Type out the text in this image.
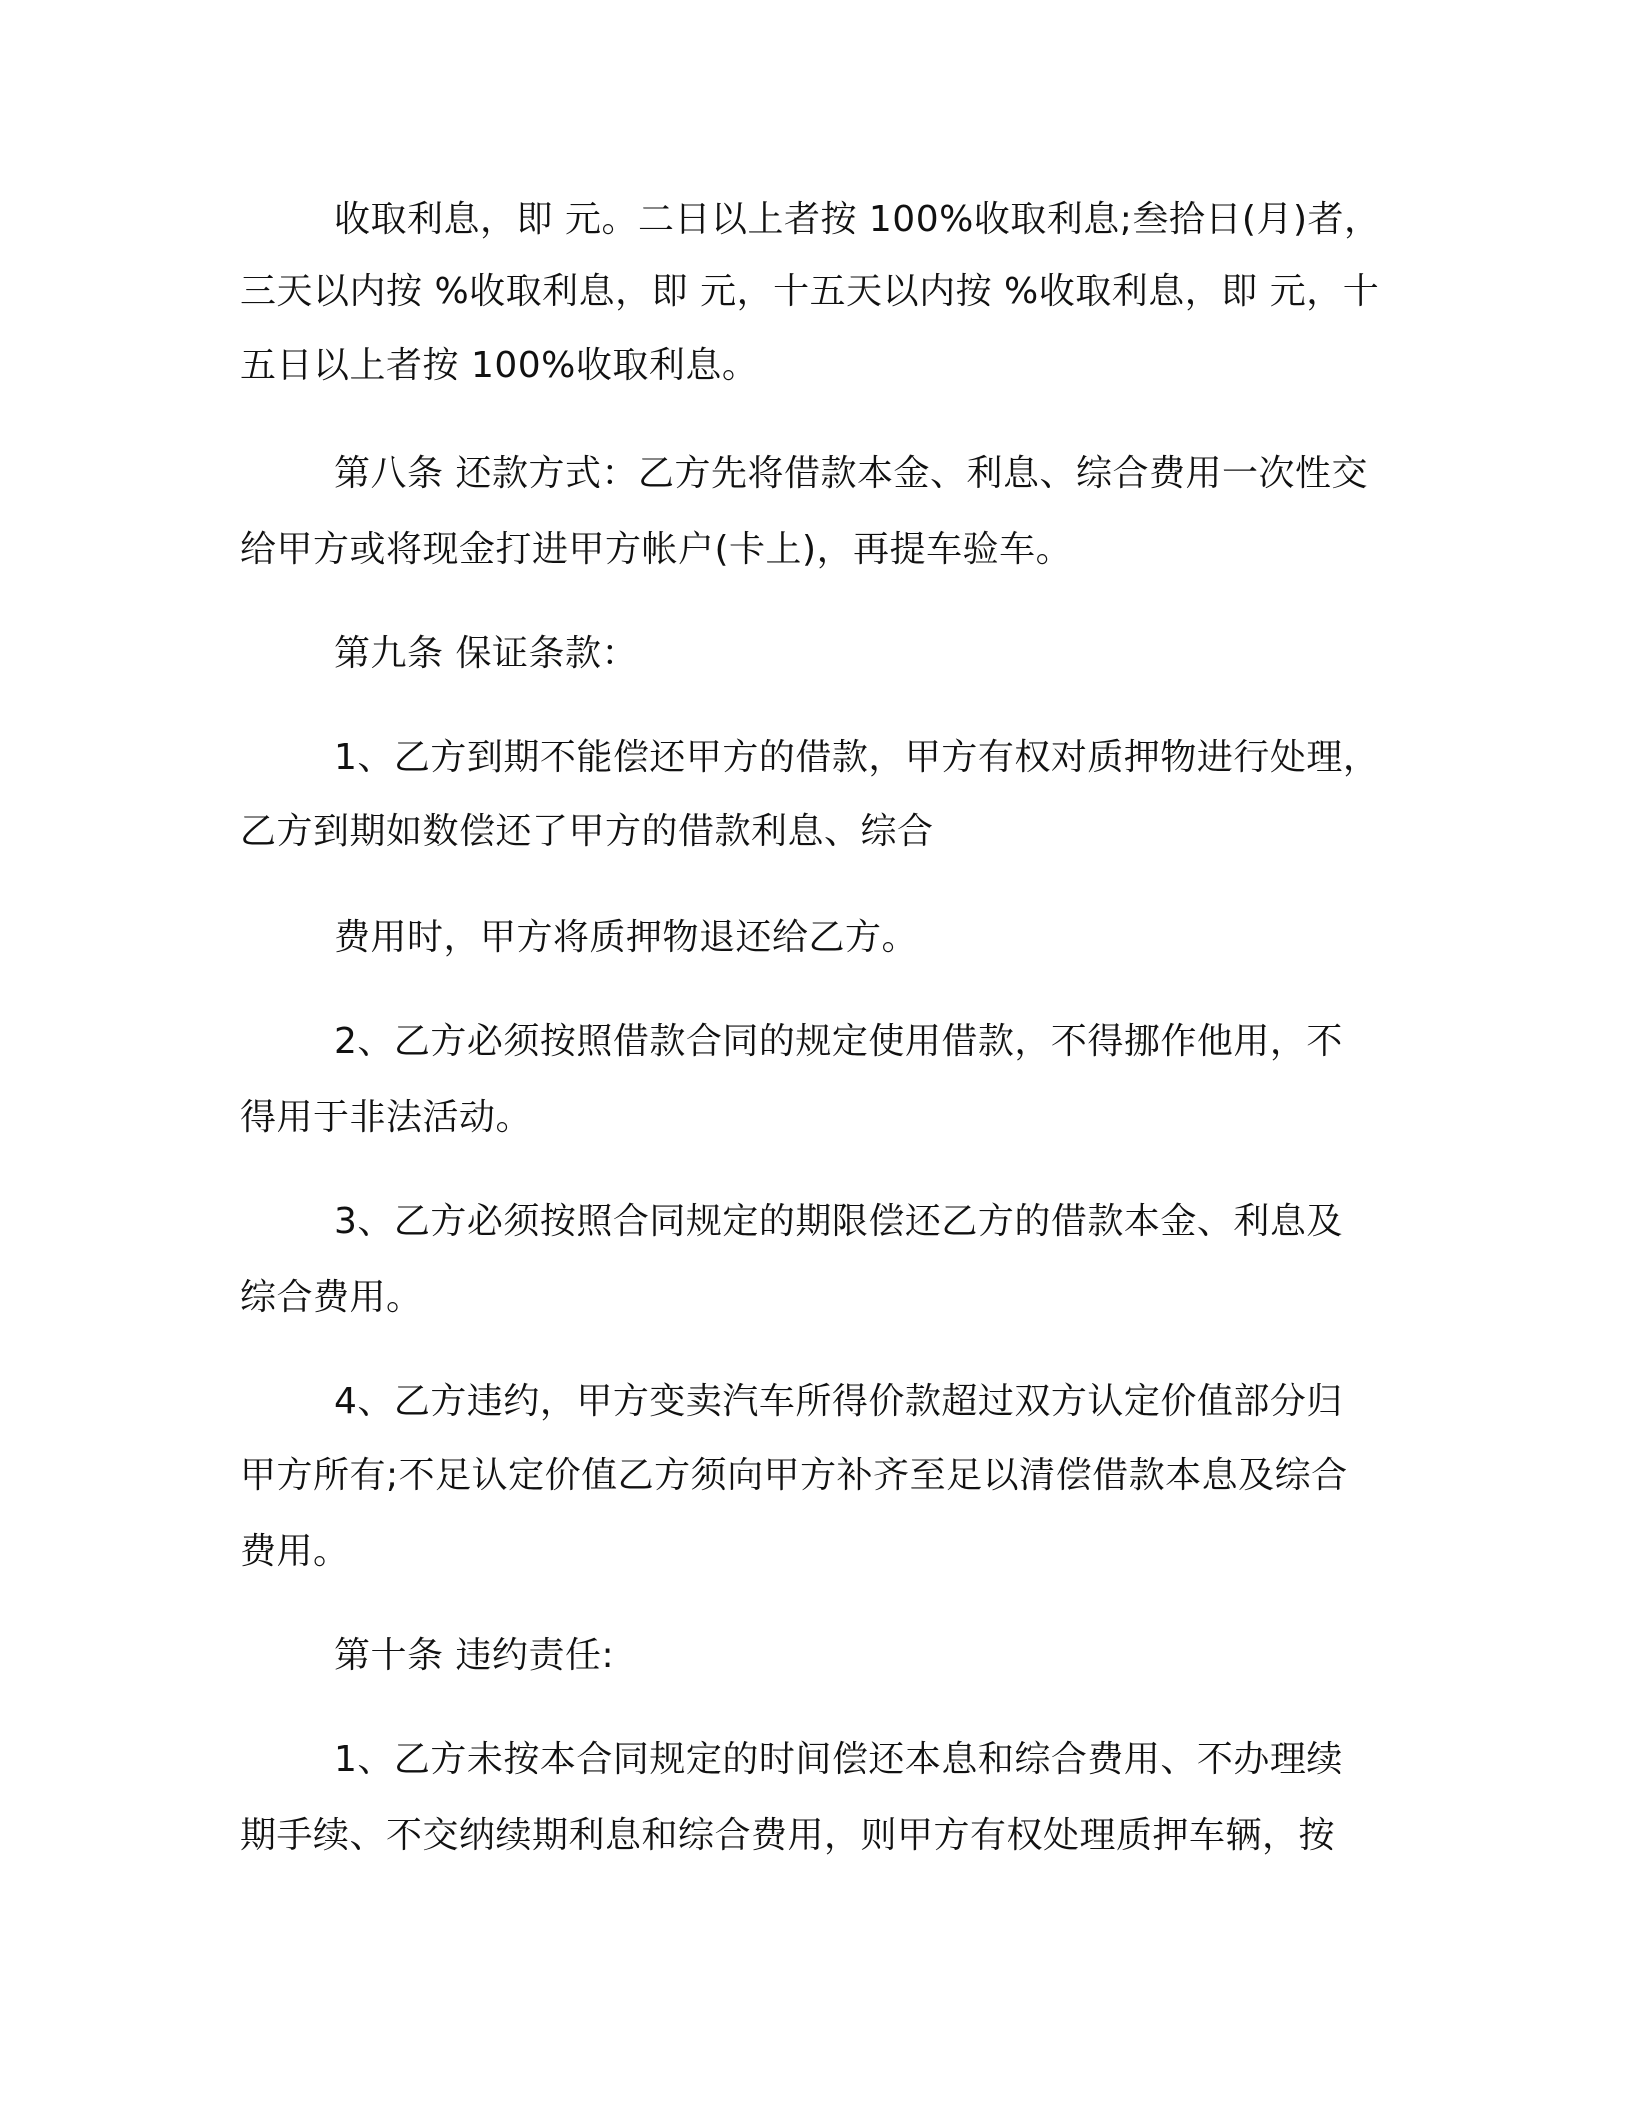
收取利息，即 元。二日以上者按 100%收取利息;叁拾日(月)者，
三天以内按 %收取利息，即 元，十五天以内按 %收取利息，即 元，十
五日以上者按 100%收取利息。
第八条 还款方式：乙方先将借款本金、利息、综合费用一次性交
给甲方或将现金打进甲方帐户(卡上)，再提车验车。
第九条 保证条款：
1、乙方到期不能偿还甲方的借款，甲方有权对质押物进行处理，
乙方到期如数偿还了甲方的借款利息、综合
费用时，甲方将质押物退还给乙方。
2、乙方必须按照借款合同的规定使用借款，不得挪作他用，不
得用于非法活动。
3、乙方必须按照合同规定的期限偿还乙方的借款本金、利息及
综合费用。
4、乙方违约，甲方变卖汽车所得价款超过双方认定价值部分归
甲方所有;不足认定价值乙方须向甲方补齐至足以清偿借款本息及综合
费用。
第十条 违约责任:
1、乙方未按本合同规定的时间偿还本息和综合费用、不办理续
期手续、不交纳续期利息和综合费用，则甲方有权处理质押车辆，按
